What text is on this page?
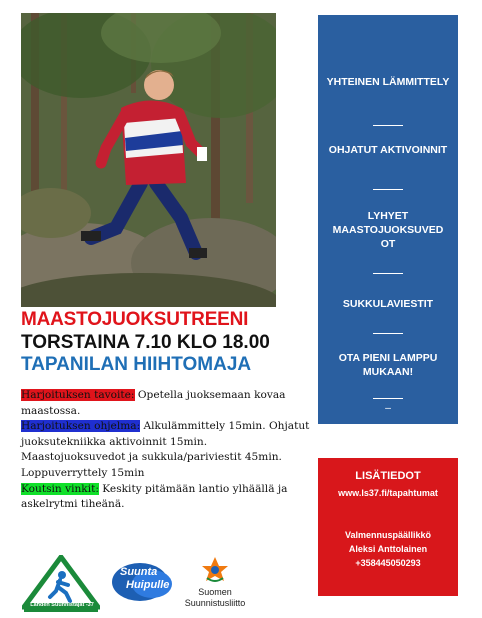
MAASTOJUOKSUTREENI
TORSTAINA 7.10 KLO 18.00
TAPANILAN HIIHTOMAJA
Harjoituksen tavoite: Opetella juoksemaan kovaa maastossa.
Harjoituksen ohjelma: Alkulämmittely 15min. Ohjatut juoksutekniikka aktivoinnit 15min. Maastojuoksuvedot ja sukkula/pariviestit 45min. Loppuverryttely 15min
Koutsin vinkit: Keskity pitämään lantio ylhäällä ja askelrytmi tiheänä.
YHTEINEN LÄMMITTELY
OHJATUT AKTIVOINNIT
LYHYET MAASTOJUOKSUVED OT
SUKKULAVIESTIT
OTA PIENI LAMPPU MUKAAN!
–
LISÄTIEDOT
www.ls37.fi/tapahtumat
Valmennuspäällikkö
Aleksi Anttolainen
+358445050293
Lahden Suunnistajat -37
Suunta
Huipulle
Suomen
Suunnistusliitto
